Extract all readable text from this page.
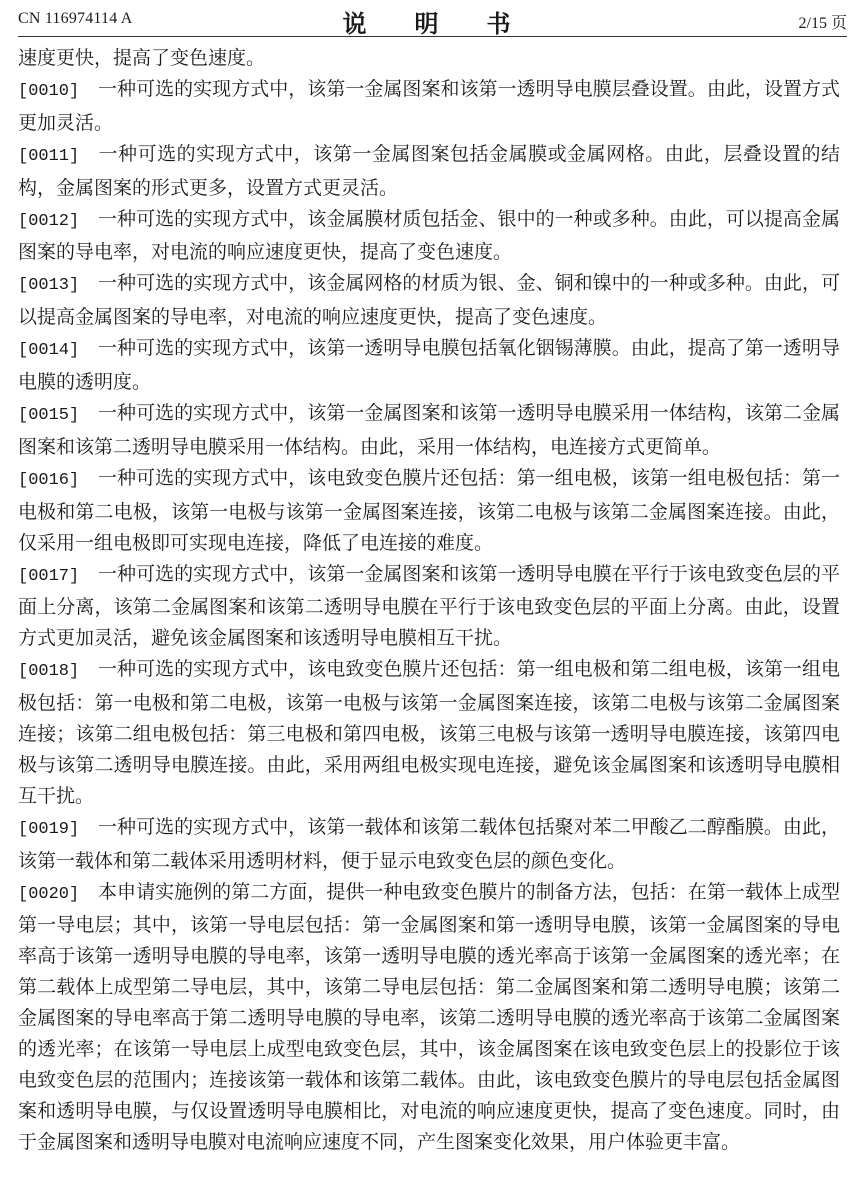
CN 116974114 A	说　明　书	2/15 页

速度更快，提高了变色速度。

[0010] 一种可选的实现方式中，该第一金属图案和该第一透明导电膜层叠设置。由此，设置方式更加灵活。

[0011] 一种可选的实现方式中，该第一金属图案包括金属膜或金属网格。由此，层叠设置的结构，金属图案的形式更多，设置方式更灵活。

[0012] 一种可选的实现方式中，该金属膜材质包括金、银中的一种或多种。由此，可以提高金属图案的导电率，对电流的响应速度更快，提高了变色速度。

[0013] 一种可选的实现方式中，该金属网格的材质为银、金、铜和镍中的一种或多种。由此，可以提高金属图案的导电率，对电流的响应速度更快，提高了变色速度。

[0014] 一种可选的实现方式中，该第一透明导电膜包括氧化铟锡薄膜。由此，提高了第一透明导电膜的透明度。

[0015] 一种可选的实现方式中，该第一金属图案和该第一透明导电膜采用一体结构，该第二金属图案和该第二透明导电膜采用一体结构。由此，采用一体结构，电连接方式更简单。

[0016] 一种可选的实现方式中，该电致变色膜片还包括：第一组电极，该第一组电极包括：第一电极和第二电极，该第一电极与该第一金属图案连接，该第二电极与该第二金属图案连接。由此，仅采用一组电极即可实现电连接，降低了电连接的难度。

[0017] 一种可选的实现方式中，该第一金属图案和该第一透明导电膜在平行于该电致变色层的平面上分离，该第二金属图案和该第二透明导电膜在平行于该电致变色层的平面上分离。由此，设置方式更加灵活，避免该金属图案和该透明导电膜相互干扰。

[0018] 一种可选的实现方式中，该电致变色膜片还包括：第一组电极和第二组电极，该第一组电极包括：第一电极和第二电极，该第一电极与该第一金属图案连接，该第二电极与该第二金属图案连接；该第二组电极包括：第三电极和第四电极，该第三电极与该第一透明导电膜连接，该第四电极与该第二透明导电膜连接。由此，采用两组电极实现电连接，避免该金属图案和该透明导电膜相互干扰。

[0019] 一种可选的实现方式中，该第一载体和该第二载体包括聚对苯二甲酸乙二醇酯膜。由此，该第一载体和第二载体采用透明材料，便于显示电致变色层的颜色变化。

[0020] 本申请实施例的第二方面，提供一种电致变色膜片的制备方法，包括：在第一载体上成型第一导电层；其中，该第一导电层包括：第一金属图案和第一透明导电膜，该第一金属图案的导电率高于该第一透明导电膜的导电率，该第一透明导电膜的透光率高于该第一金属图案的透光率；在第二载体上成型第二导电层，其中，该第二导电层包括：第二金属图案和第二透明导电膜；该第二金属图案的导电率高于第二透明导电膜的导电率，该第二透明导电膜的透光率高于该第二金属图案的透光率；在该第一导电层上成型电致变色层，其中，该金属图案在该电致变色层上的投影位于该电致变色层的范围内；连接该第一载体和该第二载体。由此，该电致变色膜片的导电层包括金属图案和透明导电膜，与仅设置透明导电膜相比，对电流的响应速度更快，提高了变色速度。同时，由于金属图案和透明导电膜对电流响应速度不同，产生图案变化效果，用户体验更丰富。
